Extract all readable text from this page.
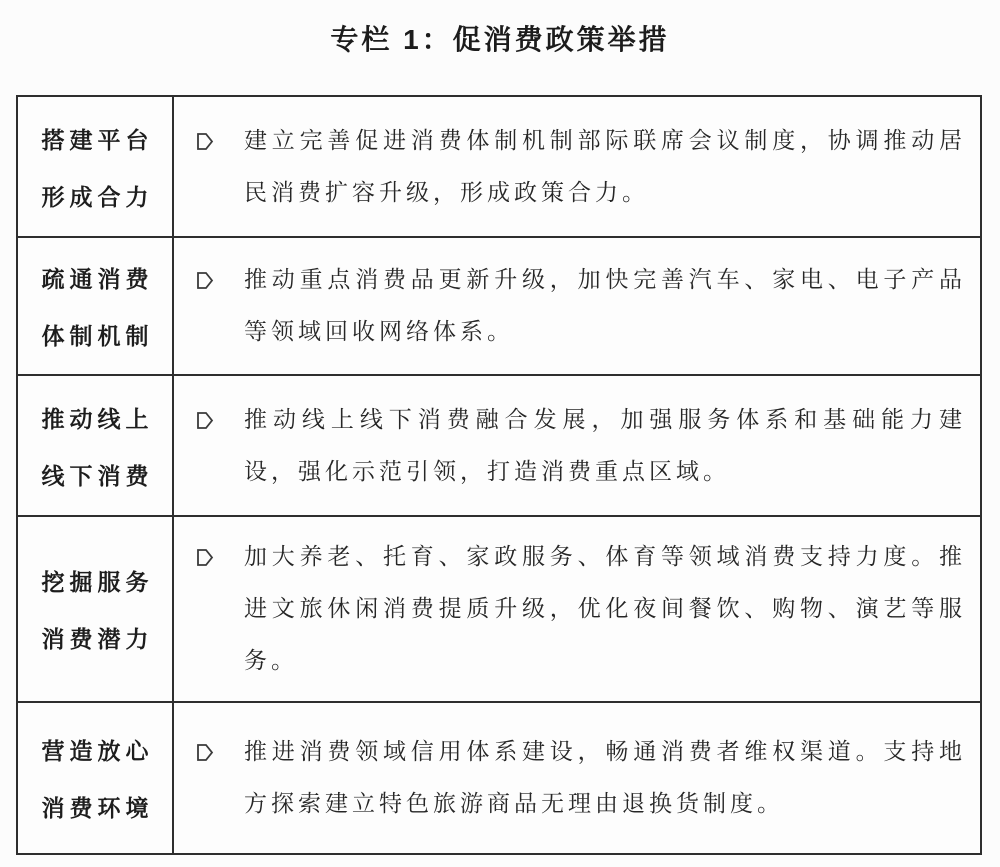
专栏 1：促消费政策举措
搭建平台
形成合力

建立完善促进消费体制机制部际联席会议制度，协调推动居民消费扩容升级，形成政策合力。

疏通消费
体制机制

推动重点消费品更新升级，加快完善汽车、家电、电子产品等领域回收网络体系。

推动线上
线下消费

推动线上线下消费融合发展，加强服务体系和基础能力建设，强化示范引领，打造消费重点区域。

挖掘服务
消费潜力

加大养老、托育、家政服务、体育等领域消费支持力度。推进文旅休闲消费提质升级，优化夜间餐饮、购物、演艺等服务。

营造放心
消费环境

推进消费领域信用体系建设，畅通消费者维权渠道。支持地方探索建立特色旅游商品无理由退换货制度。
